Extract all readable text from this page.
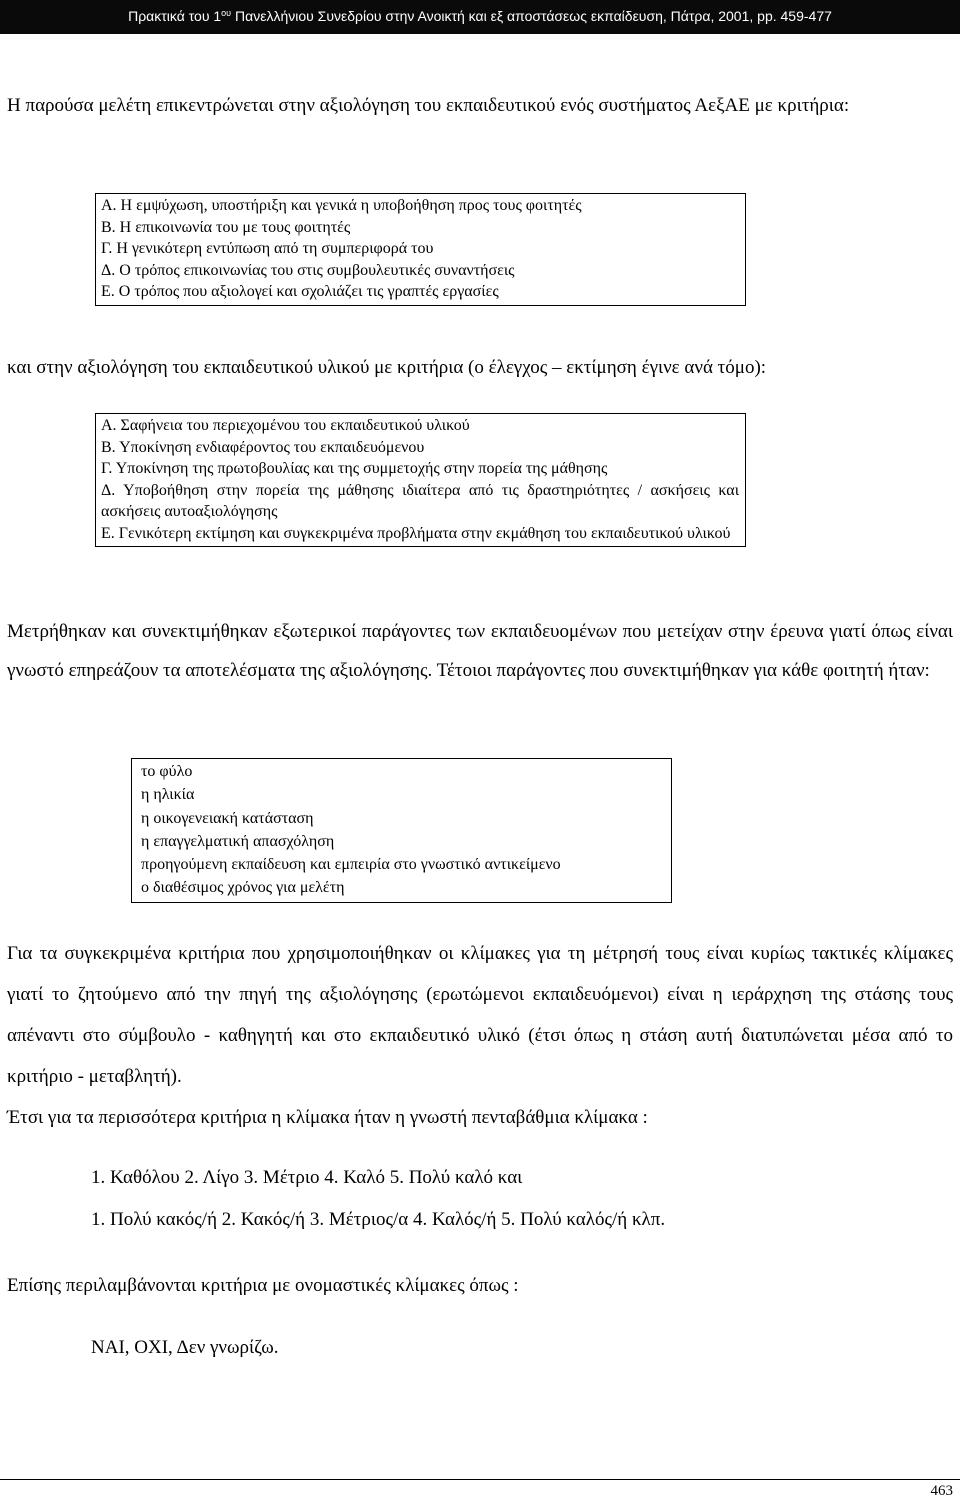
Πρακτικά του $1^{o\upsilon}$ Πανελλήνιου Συνεδρίου στην Ανοικτή και εξ αποστάσεως εκπαίδευση, Πάτρα, 2001, pp. 459-477
Η παρούσα μελέτη επικεντρώνεται στην αξιολόγηση του εκπαιδευτικού ενός συστήματος ΑεξΑΕ με κριτήρια:
Α. Η εμψύχωση, υποστήριξη και γενικά η υποβοήθηση προς τους φοιτητές
Β. Η επικοινωνία του με τους φοιτητές
Γ. Η γενικότερη εντύπωση από τη συμπεριφορά του
Δ. Ο τρόπος επικοινωνίας του στις συμβουλευτικές συναντήσεις
Ε. Ο τρόπος που αξιολογεί και σχολιάζει τις γραπτές εργασίες
και στην αξιολόγηση του εκπαιδευτικού υλικού με κριτήρια (ο έλεγχος – εκτίμηση έγινε ανά τόμο):
Α. Σαφήνεια του περιεχομένου του εκπαιδευτικού υλικού
Β. Υποκίνηση ενδιαφέροντος του εκπαιδευόμενου
Γ. Υποκίνηση της πρωτοβουλίας και της συμμετοχής στην πορεία της μάθησης
Δ. Υποβοήθηση στην πορεία της μάθησης ιδιαίτερα από τις δραστηριότητες / ασκήσεις και ασκήσεις αυτοαξιολόγησης
Ε. Γενικότερη εκτίμηση και συγκεκριμένα προβλήματα στην εκμάθηση του εκπαιδευτικού υλικού
Μετρήθηκαν και συνεκτιμήθηκαν εξωτερικοί παράγοντες των εκπαιδευομένων που μετείχαν στην έρευνα γιατί όπως είναι γνωστό επηρεάζουν τα αποτελέσματα της αξιολόγησης. Τέτοιοι παράγοντες που συνεκτιμήθηκαν για κάθε φοιτητή ήταν:
το φύλο
η ηλικία
η οικογενειακή κατάσταση
η επαγγελματική απασχόληση
προηγούμενη εκπαίδευση και εμπειρία στο γνωστικό αντικείμενο
ο διαθέσιμος χρόνος για μελέτη
Για τα συγκεκριμένα κριτήρια που χρησιμοποιήθηκαν οι κλίμακες για τη μέτρησή τους είναι κυρίως τακτικές κλίμακες γιατί το ζητούμενο από την πηγή της αξιολόγησης (ερωτώμενοι εκπαιδευόμενοι) είναι η ιεράρχηση της στάσης τους απέναντι στο σύμβουλο - καθηγητή και στο εκπαιδευτικό υλικό (έτσι όπως η στάση αυτή διατυπώνεται μέσα από το κριτήριο - μεταβλητή).
Έτσι για τα περισσότερα κριτήρια η κλίμακα ήταν η γνωστή πενταβάθμια κλίμακα :
1. Καθόλου 2. Λίγο 3. Μέτριο 4. Καλό 5. Πολύ καλό και
1. Πολύ κακός/ή 2. Κακός/ή 3. Μέτριος/α 4. Καλός/ή 5. Πολύ καλός/ή κλπ.
Επίσης περιλαμβάνονται κριτήρια με ονομαστικές κλίμακες όπως :
ΝΑΙ, ΟΧΙ, Δεν γνωρίζω.
463
